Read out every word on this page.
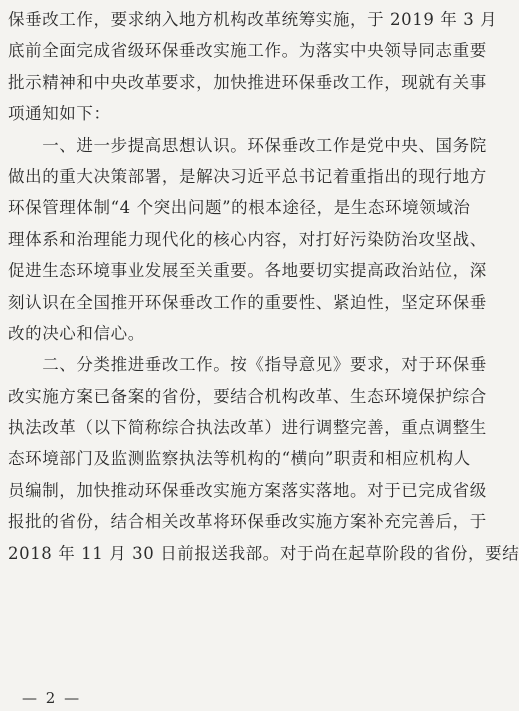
保垂改工作，要求纳入地方机构改革统筹实施，于 2019 年 3 月
底前全面完成省级环保垂改实施工作。为落实中央领导同志重要
批示精神和中央改革要求，加快推进环保垂改工作，现就有关事
项通知如下：
　　一、进一步提高思想认识。环保垂改工作是党中央、国务院
做出的重大决策部署，是解决习近平总书记着重指出的现行地方
环保管理体制“4 个突出问题”的根本途径，是生态环境领域治
理体系和治理能力现代化的核心内容，对打好污染防治攻坚战、
促进生态环境事业发展至关重要。各地要切实提高政治站位，深
刻认识在全国推开环保垂改工作的重要性、紧迫性，坚定环保垂
改的决心和信心。
　　二、分类推进垂改工作。按《指导意见》要求，对于环保垂
改实施方案已备案的省份，要结合机构改革、生态环境保护综合
执法改革（以下简称综合执法改革）进行调整完善，重点调整生
态环境部门及监测监察执法等机构的“横向”职责和相应机构人
员编制，加快推动环保垂改实施方案落实落地。对于已完成省级
报批的省份，结合相关改革将环保垂改实施方案补充完善后，于
2018 年 11 月 30 日前报送我部。对于尚在起草阶段的省份，要结
— 2 —
